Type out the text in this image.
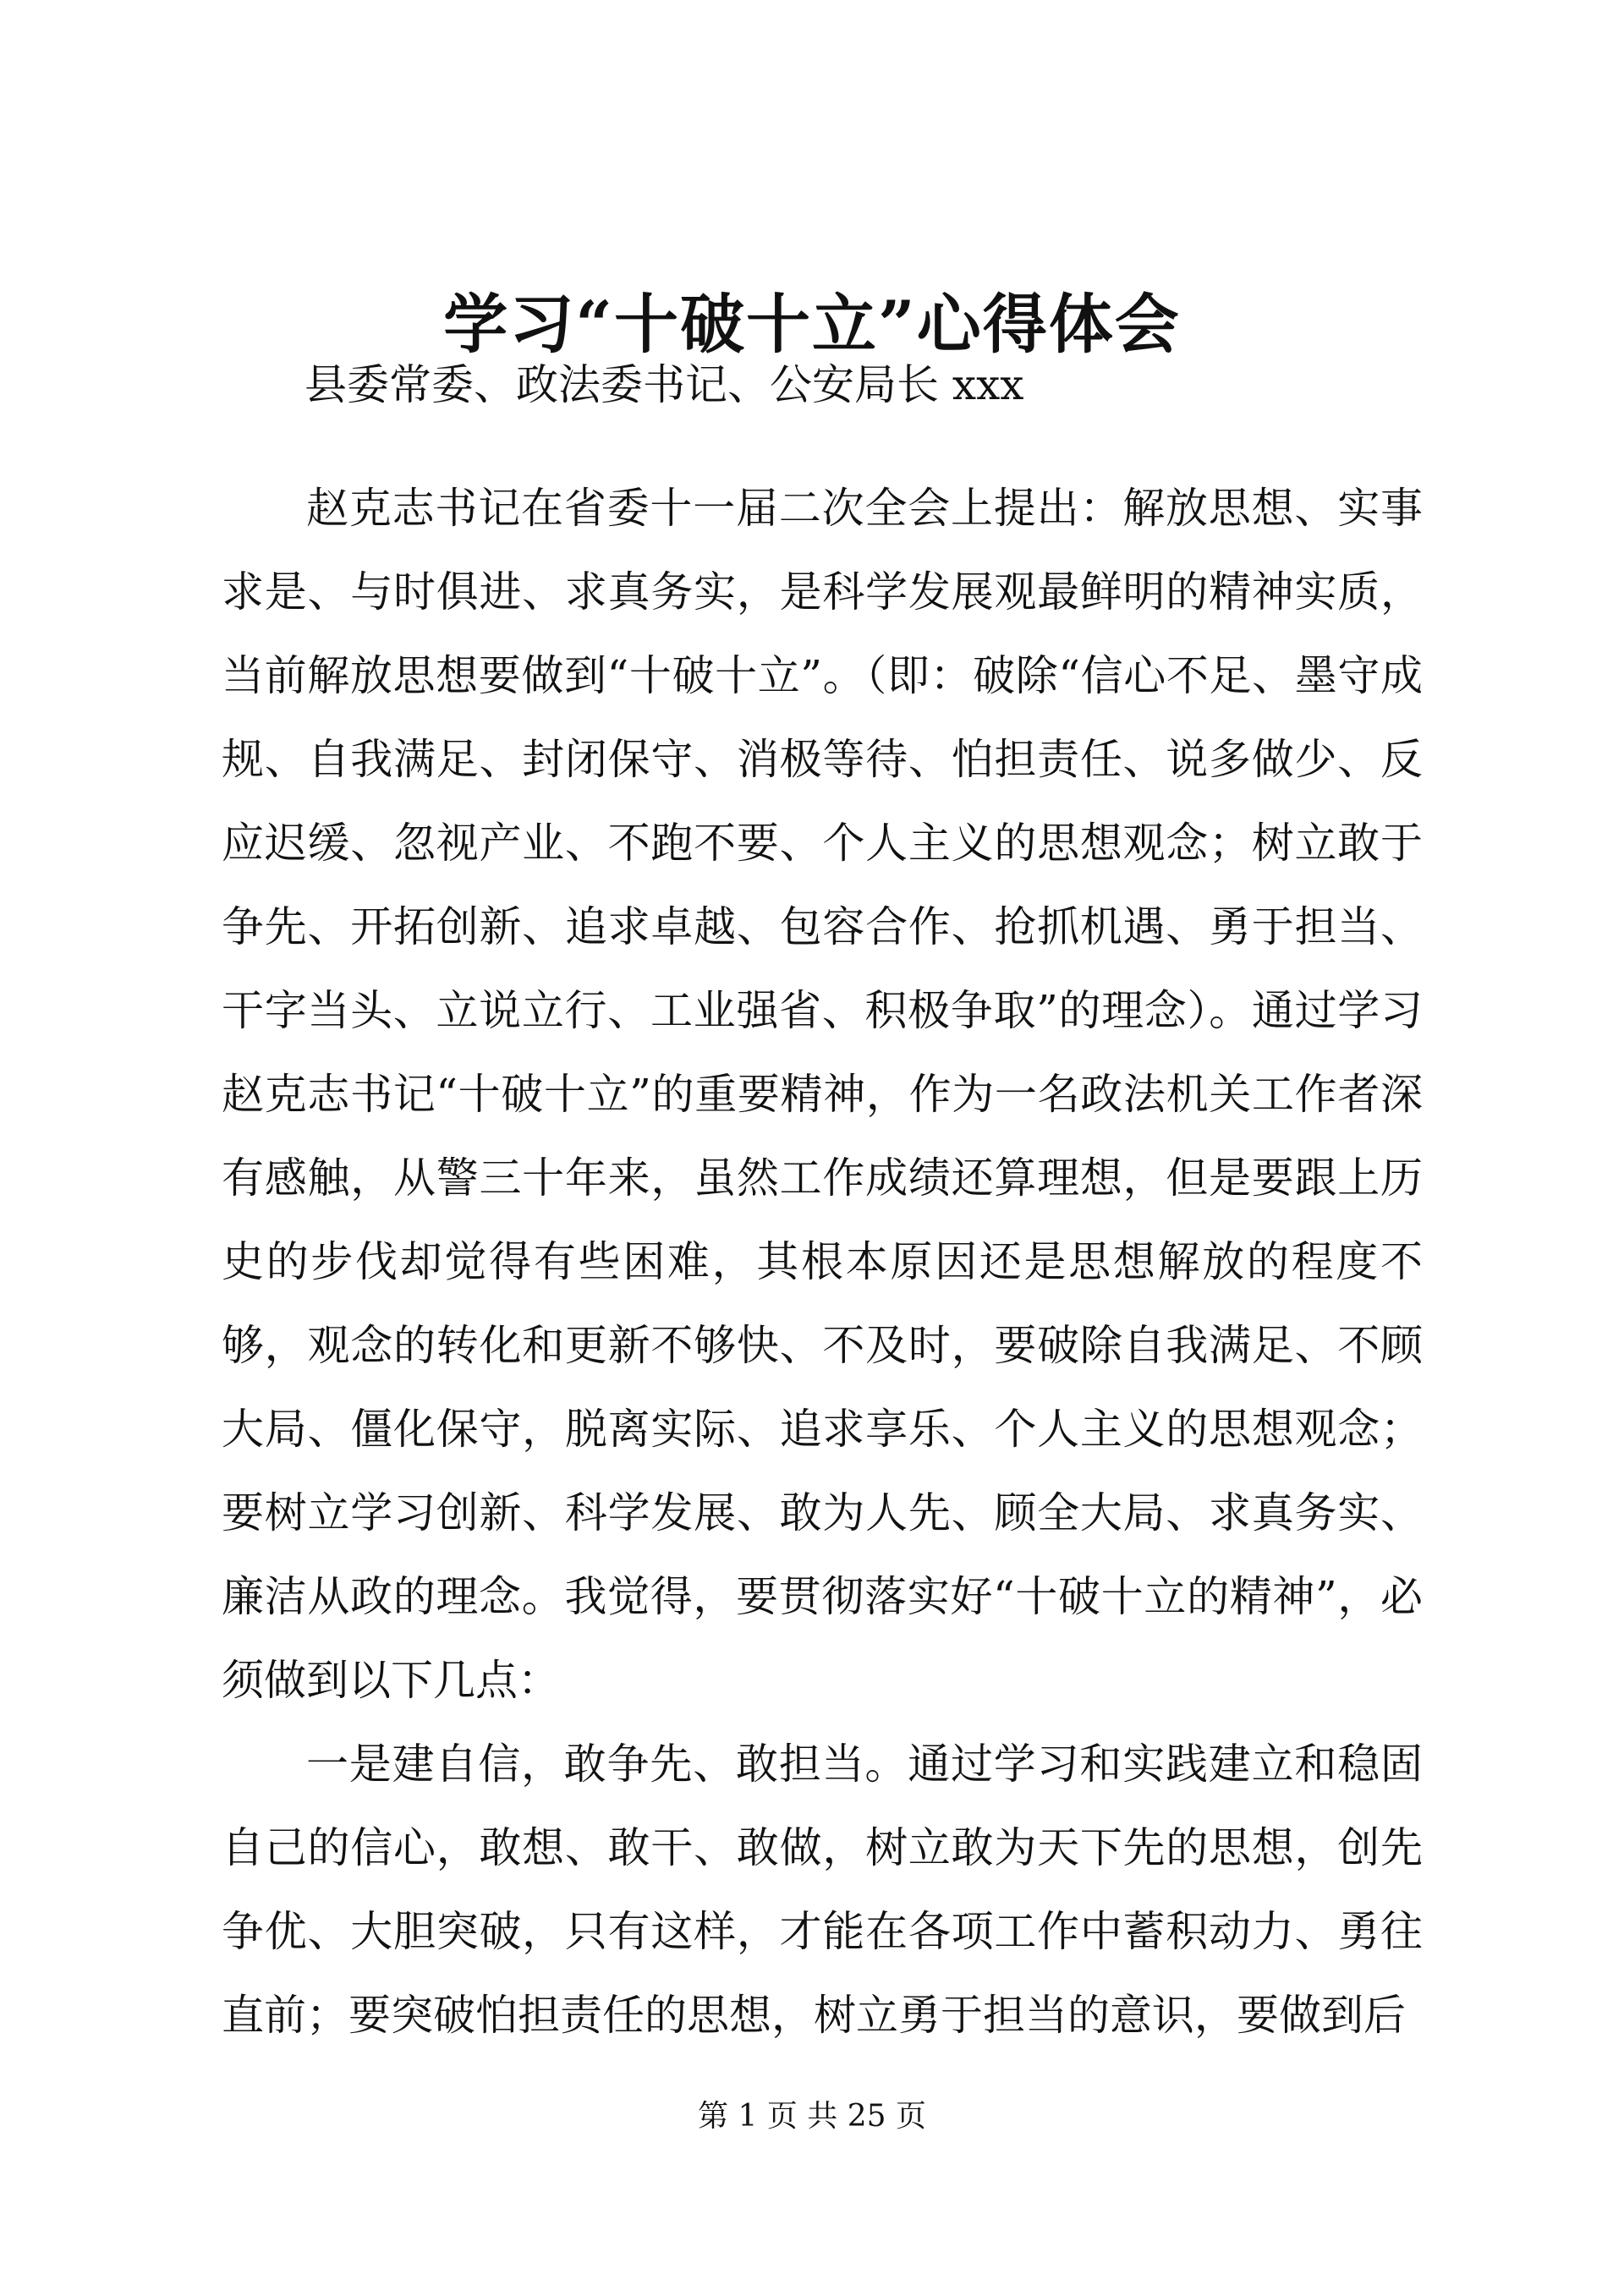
学习“十破十立”心得体会
县委常委、政法委书记、公安局长 xxx

赵克志书记在省委十一届二次全会上提出：解放思想、实事求是、与时俱进、求真务实，是科学发展观最鲜明的精神实质，当前解放思想要做到“十破十立”。（即：破除“信心不足、墨守成规、自我满足、封闭保守、消极等待、怕担责任、说多做少、反应迟缓、忽视产业、不跑不要、个人主义的思想观念；树立敢于争先、开拓创新、追求卓越、包容合作、抢抓机遇、勇于担当、干字当头、立说立行、工业强省、积极争取”的理念）。通过学习赵克志书记“十破十立”的重要精神，作为一名政法机关工作者深有感触，从警三十年来，虽然工作成绩还算理想，但是要跟上历史的步伐却觉得有些困难，其根本原因还是思想解放的程度不够，观念的转化和更新不够快、不及时，要破除自我满足、不顾大局、僵化保守，脱离实际、追求享乐、个人主义的思想观念；要树立学习创新、科学发展、敢为人先、顾全大局、求真务实、廉洁从政的理念。我觉得，要贯彻落实好“十破十立的精神”，必须做到以下几点：

一是建自信，敢争先、敢担当。通过学习和实践建立和稳固自己的信心，敢想、敢干、敢做，树立敢为天下先的思想，创先争优、大胆突破，只有这样，才能在各项工作中蓄积动力、勇往直前；要突破怕担责任的思想，树立勇于担当的意识，要做到后

第 1 页 共 25 页
